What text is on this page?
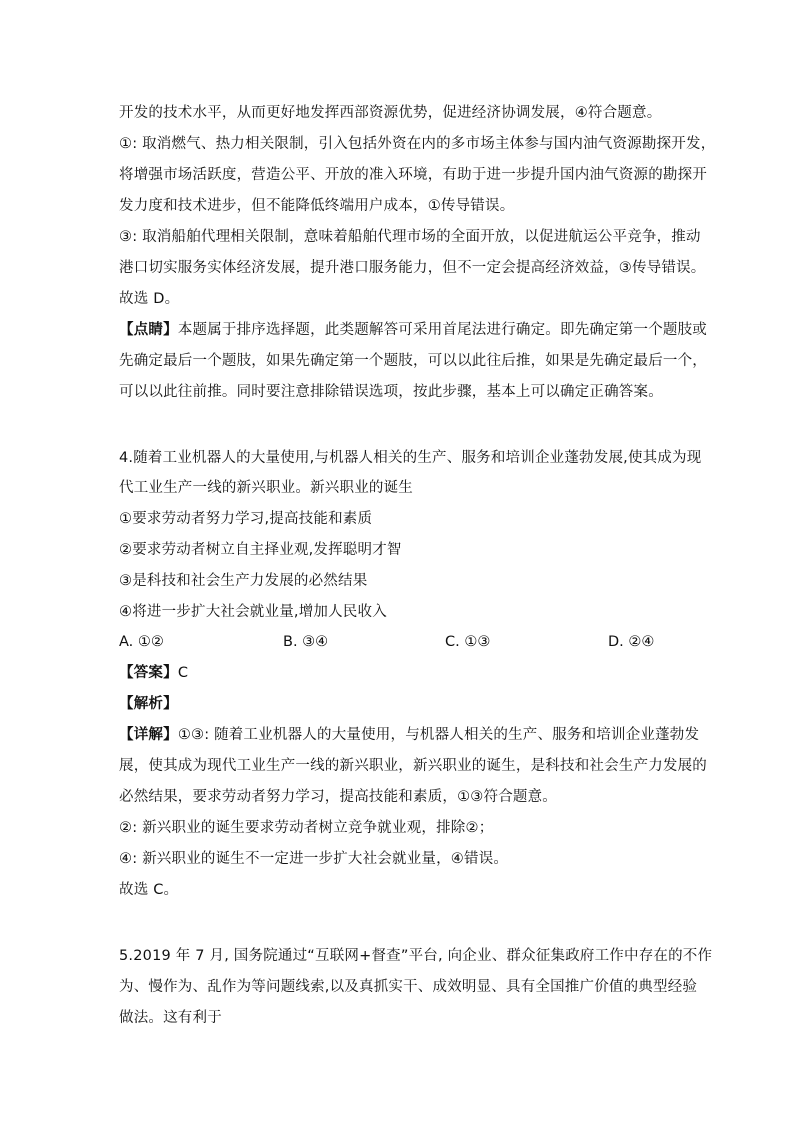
开发的技术水平，从而更好地发挥西部资源优势，促进经济协调发展，④符合题意。
①: 取消燃气、热力相关限制，引入包括外资在内的多市场主体参与国内油气资源勘探开发，
将增强市场活跃度，营造公平、开放的准入环境，有助于进一步提升国内油气资源的勘探开
发力度和技术进步，但不能降低终端用户成本，①传导错误。
③: 取消船舶代理相关限制，意味着船舶代理市场的全面开放，以促进航运公平竞争，推动
港口切实服务实体经济发展，提升港口服务能力，但不一定会提高经济效益，③传导错误。
故选 D。
【点睛】本题属于排序选择题，此类题解答可采用首尾法进行确定。即先确定第一个题肢或
先确定最后一个题肢，如果先确定第一个题肢，可以以此往后推，如果是先确定最后一个，
可以以此往前推。同时要注意排除错误选项，按此步骤，基本上可以确定正确答案。
4.随着工业机器人的大量使用,与机器人相关的生产、服务和培训企业蓬勃发展,使其成为现
代工业生产一线的新兴职业。新兴职业的诞生
①要求劳动者努力学习,提高技能和素质
②要求劳动者树立自主择业观,发挥聪明才智
③是科技和社会生产力发展的必然结果
④将进一步扩大社会就业量,增加人民收入
A. ①②	B. ③④	C. ①③	D. ②④
【答案】C
【解析】
【详解】①③: 随着工业机器人的大量使用，与机器人相关的生产、服务和培训企业蓬勃发
展，使其成为现代工业生产一线的新兴职业，新兴职业的诞生，是科技和社会生产力发展的
必然结果，要求劳动者努力学习，提高技能和素质，①③符合题意。
②: 新兴职业的诞生要求劳动者树立竞争就业观，排除②；
④: 新兴职业的诞生不一定进一步扩大社会就业量，④错误。
故选 C。
5.2019 年 7 月, 国务院通过“互联网+督查”平台, 向企业、群众征集政府工作中存在的不作
为、慢作为、乱作为等问题线索,以及真抓实干、成效明显、具有全国推广价值的典型经验
做法。这有利于
